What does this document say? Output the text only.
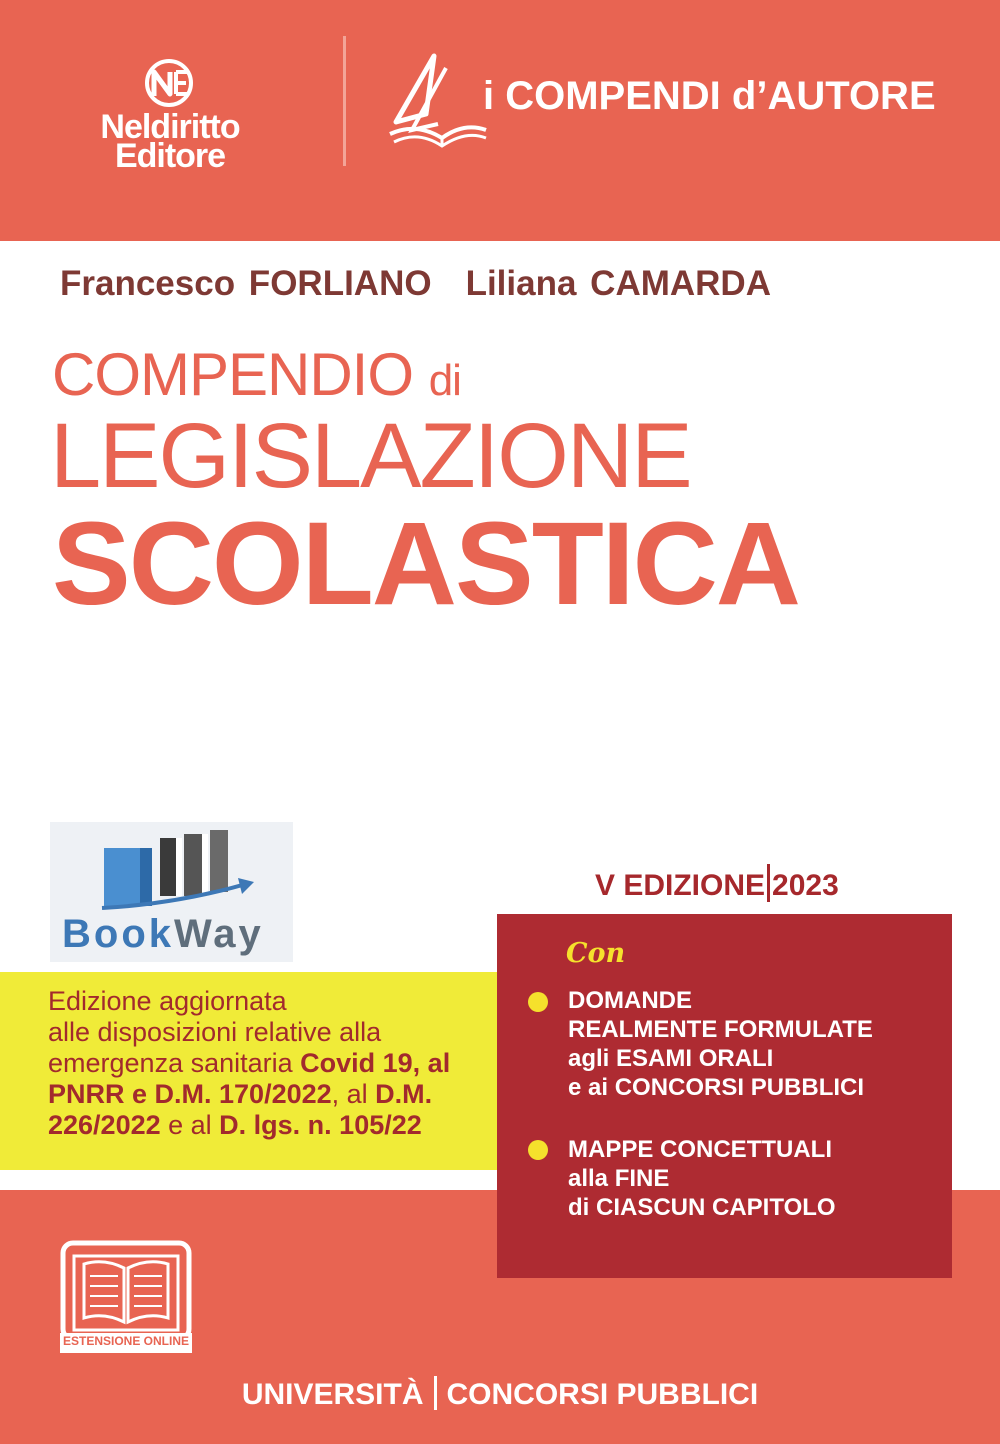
Neldiritto
Editore
i COMPENDI d’AUTORE
Francesco FORLIANO Liliana CAMARDA
COMPENDIO di
LEGISLAZIONE
SCOLASTICA
BookWay
V EDIZIONE 2023
Edizione aggiornata
alle disposizioni relative alla
emergenza sanitaria Covid 19, al
PNRR e D.M. 170/2022, al D.M.
226/2022 e al D. lgs. n. 105/22
Con
DOMANDE
REALMENTE FORMULATE
agli ESAMI ORALI
e ai CONCORSI PUBBLICI
MAPPE CONCETTUALI
alla FINE
di CIASCUN CAPITOLO
ESTENSIONE ONLINE
UNIVERSITÀ CONCORSI PUBBLICI
